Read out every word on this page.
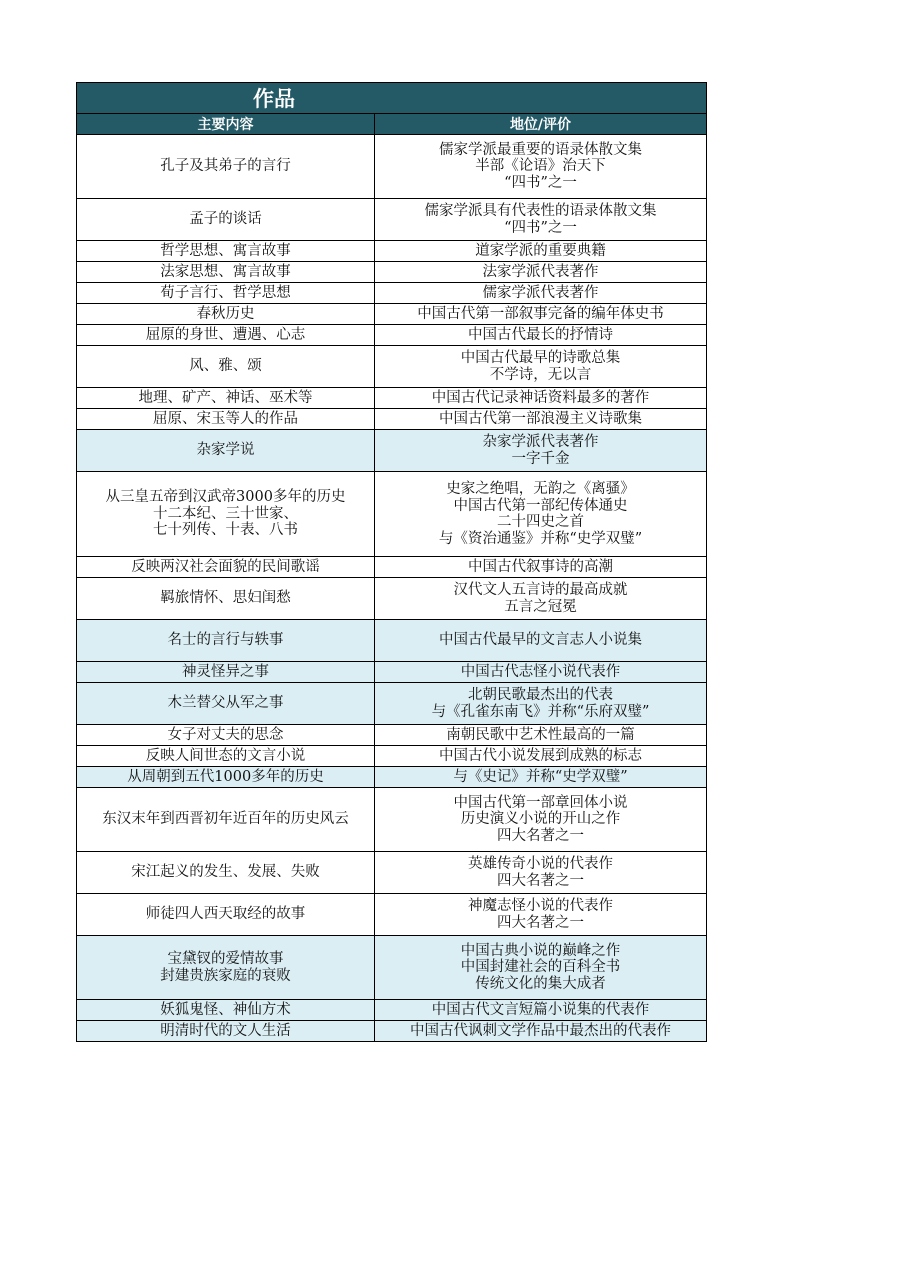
作品	
主要内容	地位/评价

孔子及其弟子的言行	儒家学派最重要的语录体散文集
半部《论语》治天下
“四书”之一

孟子的谈话	儒家学派具有代表性的语录体散文集
“四书”之一

哲学思想、寓言故事	道家学派的重要典籍

法家思想、寓言故事	法家学派代表著作

荀子言行、哲学思想	儒家学派代表著作

春秋历史	中国古代第一部叙事完备的编年体史书

屈原的身世、遭遇、心志	中国古代最长的抒情诗

风、雅、颂	中国古代最早的诗歌总集
不学诗，无以言

地理、矿产、神话、巫术等	中国古代记录神话资料最多的著作

屈原、宋玉等人的作品	中国古代第一部浪漫主义诗歌集

杂家学说	杂家学派代表著作
一字千金

从三皇五帝到汉武帝3000多年的历史
十二本纪、三十世家、
七十列传、十表、八书	史家之绝唱，无韵之《离骚》
中国古代第一部纪传体通史
二十四史之首
与《资治通鉴》并称“史学双璧”

反映两汉社会面貌的民间歌谣	中国古代叙事诗的高潮

羁旅情怀、思妇闺愁	汉代文人五言诗的最高成就
五言之冠冕

名士的言行与轶事	中国古代最早的文言志人小说集

神灵怪异之事	中国古代志怪小说代表作

木兰替父从军之事	北朝民歌最杰出的代表
与《孔雀东南飞》并称“乐府双璧”

女子对丈夫的思念	南朝民歌中艺术性最高的一篇

反映人间世态的文言小说	中国古代小说发展到成熟的标志

从周朝到五代1000多年的历史	与《史记》并称“史学双璧”

东汉末年到西晋初年近百年的历史风云	中国古代第一部章回体小说
历史演义小说的开山之作
四大名著之一

宋江起义的发生、发展、失败	英雄传奇小说的代表作
四大名著之一

师徒四人西天取经的故事	神魔志怪小说的代表作
四大名著之一

宝黛钗的爱情故事
封建贵族家庭的衰败	中国古典小说的巅峰之作
中国封建社会的百科全书
传统文化的集大成者

妖狐鬼怪、神仙方术	中国古代文言短篇小说集的代表作

明清时代的文人生活	中国古代讽刺文学作品中最杰出的代表作
